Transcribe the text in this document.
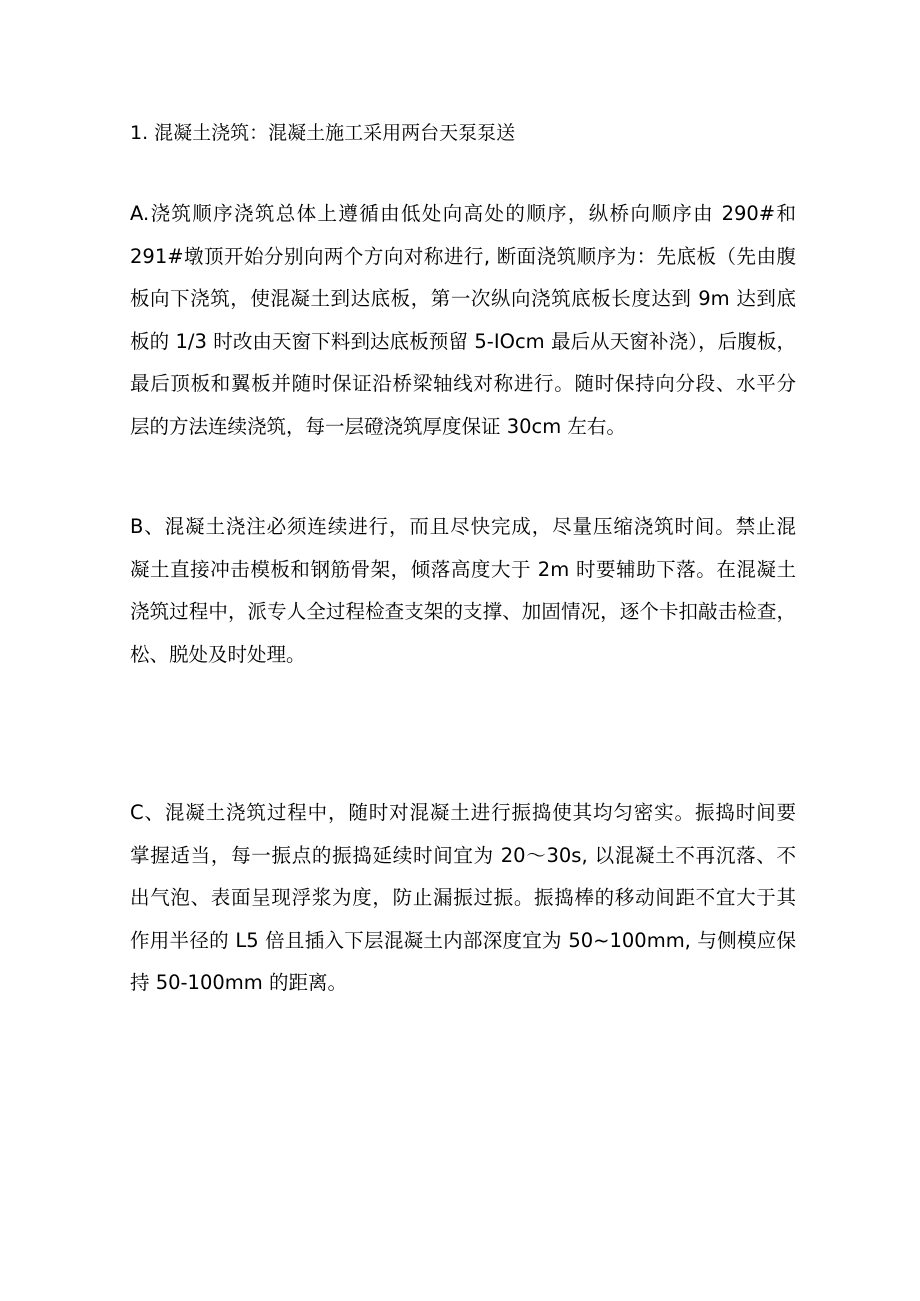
1. 混凝土浇筑：混凝土施工采用两台天泵泵送
A.浇筑顺序浇筑总体上遵循由低处向高处的顺序，纵桥向顺序由 290#和
291#墩顶开始分别向两个方向对称进行, 断面浇筑顺序为：先底板（先由腹
板向下浇筑，使混凝土到达底板，第一次纵向浇筑底板长度达到 9m 达到底
板的 1/3 时改由天窗下料到达底板预留 5-IOcm 最后从天窗补浇），后腹板，
最后顶板和翼板并随时保证沿桥梁轴线对称进行。随时保持向分段、水平分
层的方法连续浇筑，每一层磴浇筑厚度保证 30cm 左右。
B、混凝土浇注必须连续进行，而且尽快完成，尽量压缩浇筑时间。禁止混
凝土直接冲击模板和钢筋骨架，倾落高度大于 2m 时要辅助下落。在混凝土
浇筑过程中，派专人全过程检查支架的支撑、加固情况，逐个卡扣敲击检查，
松、脱处及时处理。
C、混凝土浇筑过程中，随时对混凝土进行振捣使其均匀密实。振捣时间要
掌握适当，每一振点的振捣延续时间宜为 20～30s, 以混凝土不再沉落、不
出气泡、表面呈现浮浆为度，防止漏振过振。振捣棒的移动间距不宜大于其
作用半径的 L5 倍且插入下层混凝土内部深度宜为 50~100mm, 与侧模应保
持 50-100mm 的距离。
